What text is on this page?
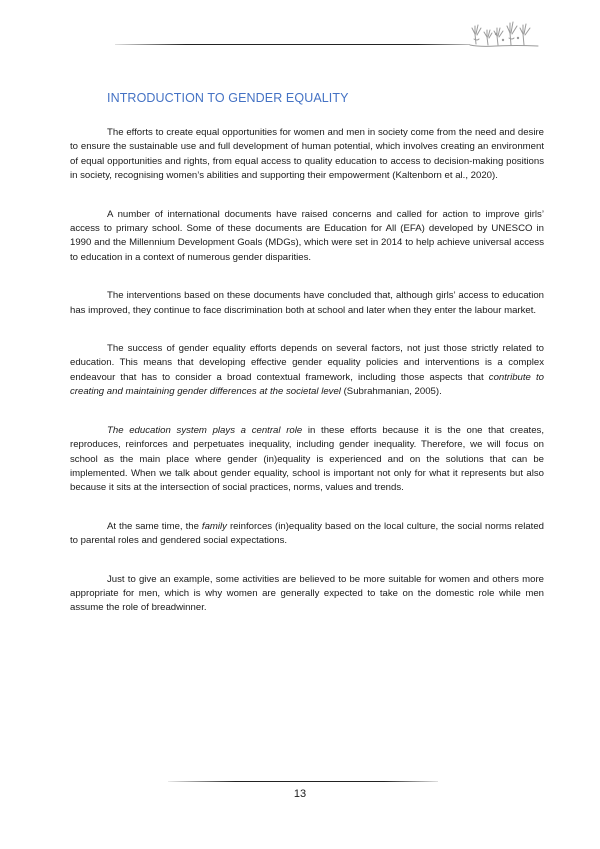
INTRODUCTION TO GENDER EQUALITY

The efforts to create equal opportunities for women and men in society come from the need and desire to ensure the sustainable use and full development of human potential, which involves creating an environment of equal opportunities and rights, from equal access to quality education to access to decision-making positions in society, recognising women’s abilities and supporting their empowerment (Kaltenborn et al., 2020).

A number of international documents have raised concerns and called for action to improve girls’ access to primary school. Some of these documents are Education for All (EFA) developed by UNESCO in 1990 and the Millennium Development Goals (MDGs), which were set in 2014 to help achieve universal access to education in a context of numerous gender disparities.

The interventions based on these documents have concluded that, although girls’ access to education has improved, they continue to face discrimination both at school and later when they enter the labour market.

The success of gender equality efforts depends on several factors, not just those strictly related to education. This means that developing effective gender equality policies and interventions is a complex endeavour that has to consider a broad contextual framework, including those aspects that contribute to creating and maintaining gender differences at the societal level (Subrahmanian, 2005).

The education system plays a central role in these efforts because it is the one that creates, reproduces, reinforces and perpetuates inequality, including gender inequality. Therefore, we will focus on school as the main place where gender (in)equality is experienced and on the solutions that can be implemented. When we talk about gender equality, school is important not only for what it represents but also because it sits at the intersection of social practices, norms, values and trends.

At the same time, the family reinforces (in)equality based on the local culture, the social norms related to parental roles and gendered social expectations.

Just to give an example, some activities are believed to be more suitable for women and others more appropriate for men, which is why women are generally expected to take on the domestic role while men assume the role of breadwinner.

13
